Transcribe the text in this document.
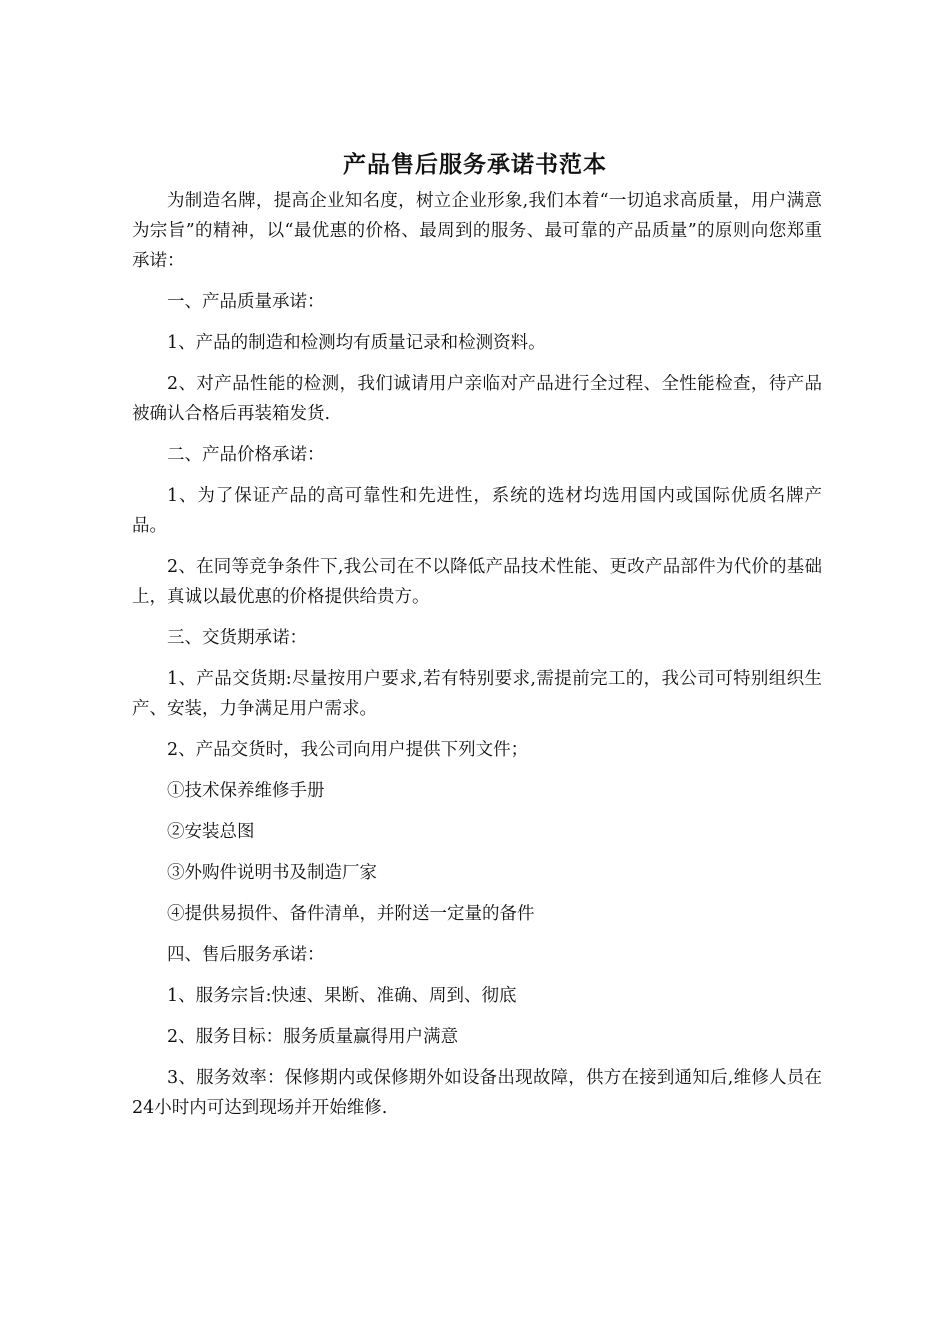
产品售后服务承诺书范本

为制造名牌，提高企业知名度，树立企业形象,我们本着“一切追求高质量，用户满意为宗旨”的精神，以“最优惠的价格、最周到的服务、最可靠的产品质量”的原则向您郑重承诺：

一、产品质量承诺：

1、产品的制造和检测均有质量记录和检测资料。

2、对产品性能的检测，我们诚请用户亲临对产品进行全过程、全性能检查，待产品被确认合格后再装箱发货.

二、产品价格承诺：

1、为了保证产品的高可靠性和先进性，系统的选材均选用国内或国际优质名牌产品。

2、在同等竞争条件下,我公司在不以降低产品技术性能、更改产品部件为代价的基础上，真诚以最优惠的价格提供给贵方。

三、交货期承诺：

1、产品交货期:尽量按用户要求,若有特别要求,需提前完工的，我公司可特别组织生产、安装，力争满足用户需求。

2、产品交货时，我公司向用户提供下列文件；

①技术保养维修手册

②安装总图

③外购件说明书及制造厂家

④提供易损件、备件清单，并附送一定量的备件

四、售后服务承诺：

1、服务宗旨:快速、果断、准确、周到、彻底

2、服务目标：服务质量赢得用户满意

3、服务效率：保修期内或保修期外如设备出现故障，供方在接到通知后,维修人员在24小时内可达到现场并开始维修.
